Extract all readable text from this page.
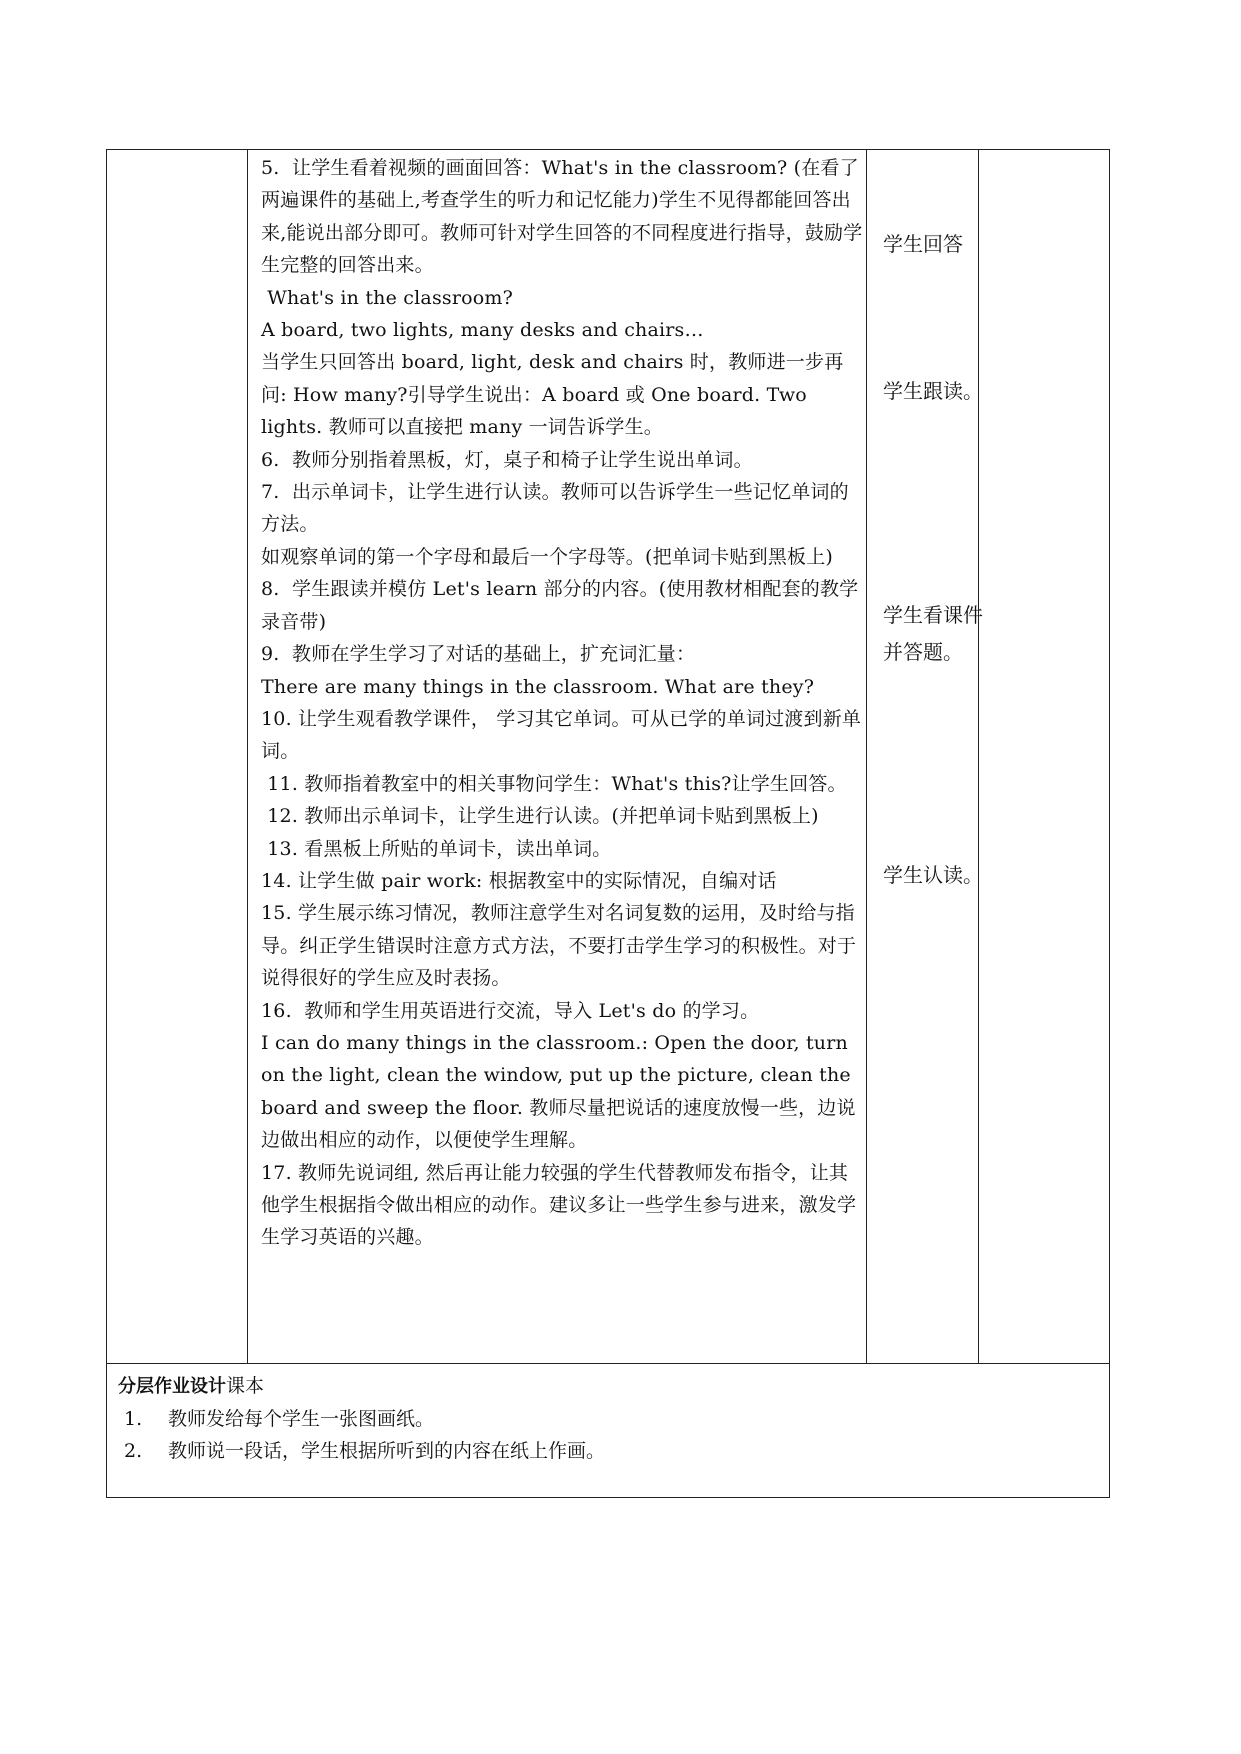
5.  让学生看着视频的画面回答：What's in the classroom? (在看了两遍课件的基础上,考查学生的听力和记忆能力)学生不见得都能回答出来,能说出部分即可。教师可针对学生回答的不同程度进行指导，鼓励学生完整的回答出来。
What's in the classroom?
A board, two lights, many desks and chairs…
当学生只回答出 board, light, desk and chairs 时，教师进一步再问: How many?引导学生说出：A board 或 One board. Two lights. 教师可以直接把 many 一词告诉学生。
6.  教师分别指着黑板，灯，桌子和椅子让学生说出单词。
7.  出示单词卡，让学生进行认读。教师可以告诉学生一些记忆单词的方法。
如观察单词的第一个字母和最后一个字母等。(把单词卡贴到黑板上)
8.  学生跟读并模仿 Let's learn 部分的内容。(使用教材相配套的教学录音带)
9.  教师在学生学习了对话的基础上，扩充词汇量：
There are many things in the classroom. What are they?
10. 让学生观看教学课件， 学习其它单词。可从已学的单词过渡到新单词。
11. 教师指着教室中的相关事物问学生：What's this?让学生回答。
12. 教师出示单词卡，让学生进行认读。(并把单词卡贴到黑板上)
13. 看黑板上所贴的单词卡，读出单词。
14. 让学生做 pair work: 根据教室中的实际情况，自编对话
15. 学生展示练习情况，教师注意学生对名词复数的运用，及时给与指导。纠正学生错误时注意方式方法，不要打击学生学习的积极性。对于说得很好的学生应及时表扬。
16.  教师和学生用英语进行交流，导入 Let's do 的学习。
I can do many things in the classroom.: Open the door, turn on the light, clean the window, put up the picture, clean the board and sweep the floor. 教师尽量把说话的速度放慢一些，边说边做出相应的动作，以便使学生理解。
17. 教师先说词组, 然后再让能力较强的学生代替教师发布指令，让其他学生根据指令做出相应的动作。建议多让一些学生参与进来，激发学生学习英语的兴趣。
学生回答
学生跟读。
学生看课件并答题。
学生认读。
分层作业设计课本
1. 教师发给每个学生一张图画纸。
2. 教师说一段话，学生根据所听到的内容在纸上作画。
